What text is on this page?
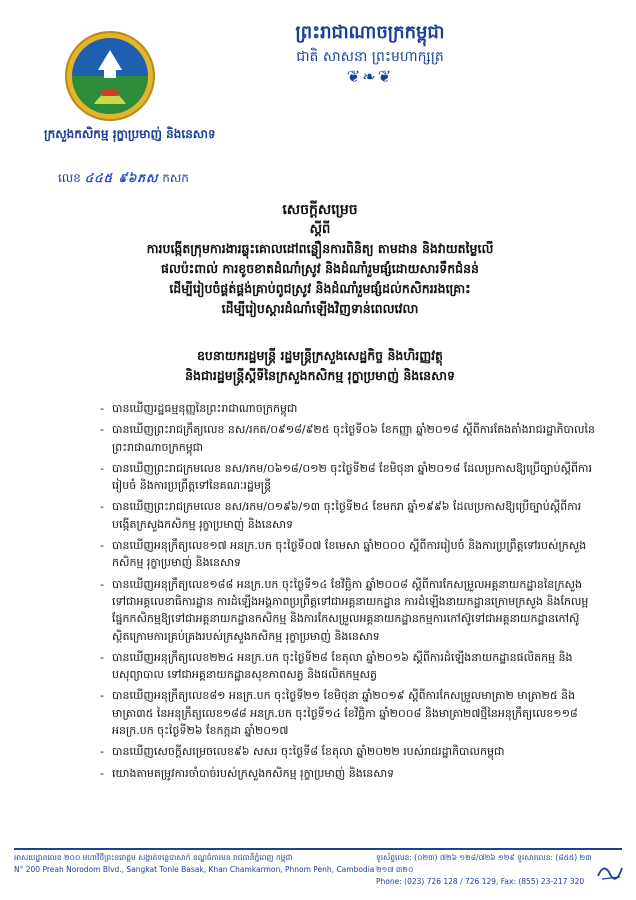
ព្រះរាជាណាចក្រកម្ពុជា
ជាតិ សាសនា ព្រះមហាក្សត្រ
❦❧❦
ក្រសួងកសិកម្ម រុក្ខាប្រមាញ់ និងនេសាទ
លេខ ៤៤៥ ៩៦ភស កសក
សេចក្ដីសម្រេច
ស្ដីពី
ការបង្កើតក្រុមការងារឆ្លុះគោលដៅពន្លឿនការពិនិត្យ តាមដាន និងវាយតម្លៃលើ
ផលប៉ះពាល់ ការខូចខាតដំណាំស្រូវ និងដំណាំរួមផ្សំដោយសារទឹកជំនន់
ដើម្បីរៀបចំផ្គត់ផ្គង់គ្រាប់ពូជស្រូវ និងដំណាំរួមផ្សំដល់កសិកររងគ្រោះ
ដើម្បីរៀបស្ដារដំណាំឡើងវិញទាន់ពេលវេលា
ឧបនាយករដ្ឋមន្ត្រី រដ្ឋមន្ត្រីក្រសួងសេដ្ឋកិច្ច និងហិរញ្ញវត្ថុ
និងជារដ្ឋមន្ត្រីស្ដីទីនៃក្រសួងកសិកម្ម រុក្ខាប្រមាញ់ និងនេសាទ
- បានឃើញរដ្ឋធម្មនុញ្ញនៃព្រះរាជាណាចក្រកម្ពុជា
- បានឃើញព្រះរាជក្រឹត្យលេខ នស/រកត/០៩១៨/៩២៥ ចុះថ្ងៃទី០៦ ខែកញ្ញា ឆ្នាំ២០១៨ ស្ដីពីការតែងតាំងរាជរដ្ឋាភិបាលនៃព្រះរាជាណាចក្រកម្ពុជា
- បានឃើញព្រះរាជក្រមលេខ នស/រកម/០៦១៨/០១២ ចុះថ្ងៃទី២៨ ខែមិថុនា ឆ្នាំ២០១៨ ដែលប្រកាសឱ្យប្រើច្បាប់ស្ដីពីការរៀបចំ និងការប្រព្រឹត្តទៅនៃគណៈរដ្ឋមន្ត្រី
- បានឃើញព្រះរាជក្រមលេខ នស/រកម/០១៩៦/១៣ ចុះថ្ងៃទី២៤ ខែមករា ឆ្នាំ១៩៩៦ ដែលប្រកាសឱ្យប្រើច្បាប់ស្ដីពីការបង្កើតក្រសួងកសិកម្ម រុក្ខាប្រមាញ់ និងនេសាទ
- បានឃើញអនុក្រឹត្យលេខ១៧ អនក្រ.បក ចុះថ្ងៃទី០៧ ខែមេសា ឆ្នាំ២០០០ ស្ដីពីការរៀបចំ និងការប្រព្រឹត្តទៅរបស់ក្រសួងកសិកម្ម រុក្ខាប្រមាញ់ និងនេសាទ
- បានឃើញអនុក្រឹត្យលេខ១៨៨ អនក្រ.បក ចុះថ្ងៃទី១៤ ខែវិច្ឆិកា ឆ្នាំ២០០៨ ស្ដីពីការកែសម្រួលអគ្គនាយកដ្ឋាននៃក្រសួងទៅជាអគ្គលេខាធិការដ្ឋាន ការដំឡើងអង្គភាពប្រព្រឹត្តទៅជាអគ្គនាយកដ្ឋាន ការដំឡើងនាយកដ្ឋានក្រោមក្រសួង និងកែលម្អផ្នែកកសិកម្មឱ្យទៅជាអគ្គនាយកដ្ឋានកសិកម្ម និងការកែសម្រួលអគ្គនាយកដ្ឋានកម្មការកៅស៊ូទៅជាអគ្គនាយកដ្ឋានកៅស៊ូ ស្ថិតក្រោមការគ្រប់គ្រងរបស់ក្រសួងកសិកម្ម រុក្ខាប្រមាញ់ និងនេសាទ
- បានឃើញអនុក្រឹត្យលេខ២២៤ អនក្រ.បក ចុះថ្ងៃទី២៨ ខែតុលា ឆ្នាំ២០១៦ ស្ដីពីការដំឡើងនាយកដ្ឋានផលិតកម្ម និងបសុព្យាបាល ទៅជាអគ្គនាយកដ្ឋានសុខភាពសត្វ និងផលិតកម្មសត្វ
- បានឃើញអនុក្រឹត្យលេខ៨១ អនក្រ.បក ចុះថ្ងៃទី២១ ខែមិថុនា ឆ្នាំ២០១៩ ស្ដីពីការកែសម្រួលមាត្រា២ មាត្រា២៥ និងមាត្រា៣៥ នៃអនុក្រឹត្យលេខ១៨៨ អនក្រ.បក ចុះថ្ងៃទី១៤ ខែវិច្ឆិកា ឆ្នាំ២០០៨ និងមាត្រា២៧ថ្មីនៃអនុក្រឹត្យលេខ១១៨ អនក្រ.បក ចុះថ្ងៃទី២៦ ខែកក្កដា ឆ្នាំ២០១៧
- បានឃើញសេចក្ដីសម្រេចលេខ៩៦ សសរ ចុះថ្ងៃទី៨ ខែតុលា ឆ្នាំ២០២២ របស់រាជរដ្ឋាភិបាលកម្ពុជា
- យោងតាមតម្រូវការចាំបាច់របស់ក្រសួងកសិកម្ម រុក្ខាប្រមាញ់ និងនេសាទ
អាសយដ្ឋានលេខ ២០០ មហាវិថីព្រះនរោត្តម សង្កាត់ទន្លេបាសាក់ ខណ្ឌចំការមន រាជធានីភ្នំពេញ កម្ពុជា
N° 200 Preah Norodom Blvd., Sangkat Tonle Basak, Khan Chamkarmon, Phnom Penh, Cambodia
ទូរស័ព្ទលេខ: (០២៣) ៧២៦ ១២៨/៧២៦ ១២៩ ទូរសារលេខ: (៨៥៥) ២៣ ២១៧ ៣២០
Phone: (023) 726 128 / 726 129, Fax: (855) 23-217 320
